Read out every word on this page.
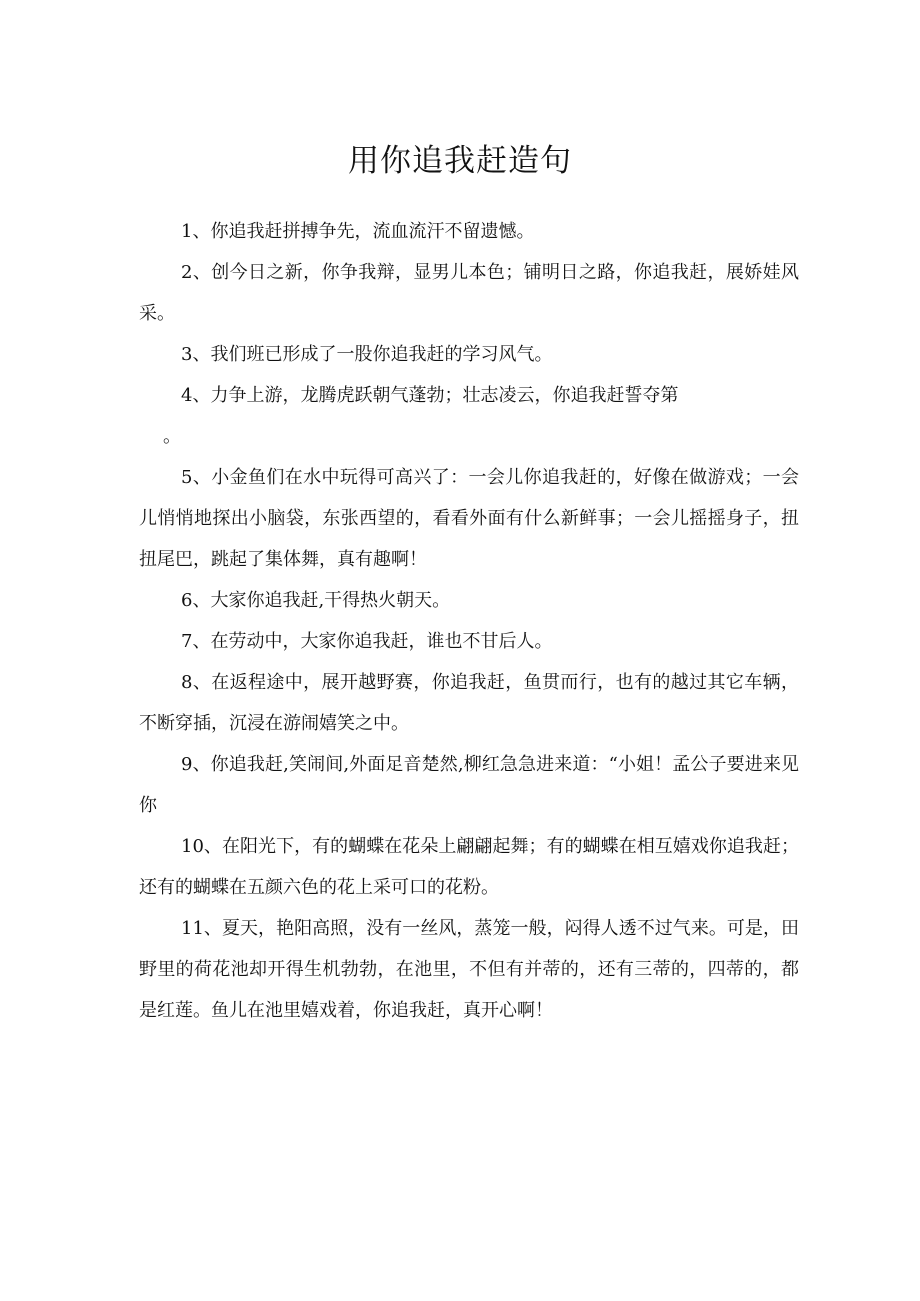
用你追我赶造句

1、你追我赶拼搏争先，流血流汗不留遗憾。

2、创今日之新，你争我辩，显男儿本色；铺明日之路，你追我赶，展娇娃风采。

3、我们班已形成了一股你追我赶的学习风气。

4、力争上游，龙腾虎跃朝气蓬勃；壮志凌云，你追我赶誓夺第

。

5、小金鱼们在水中玩得可高兴了：一会儿你追我赶的，好像在做游戏；一会儿悄悄地探出小脑袋，东张西望的，看看外面有什么新鲜事；一会儿摇摇身子，扭扭尾巴，跳起了集体舞，真有趣啊！

6、大家你追我赶,干得热火朝天。

7、在劳动中，大家你追我赶，谁也不甘后人。

8、在返程途中，展开越野赛，你追我赶，鱼贯而行，也有的越过其它车辆，不断穿插，沉浸在游闹嬉笑之中。

9、你追我赶,笑闹间,外面足音楚然,柳红急急进来道：“小姐！孟公子要进来见你

10、在阳光下，有的蝴蝶在花朵上翩翩起舞；有的蝴蝶在相互嬉戏你追我赶；还有的蝴蝶在五颜六色的花上采可口的花粉。

11、夏天，艳阳高照，没有一丝风，蒸笼一般，闷得人透不过气来。可是，田野里的荷花池却开得生机勃勃，在池里，不但有并蒂的，还有三蒂的，四蒂的，都是红莲。鱼儿在池里嬉戏着，你追我赶，真开心啊！
